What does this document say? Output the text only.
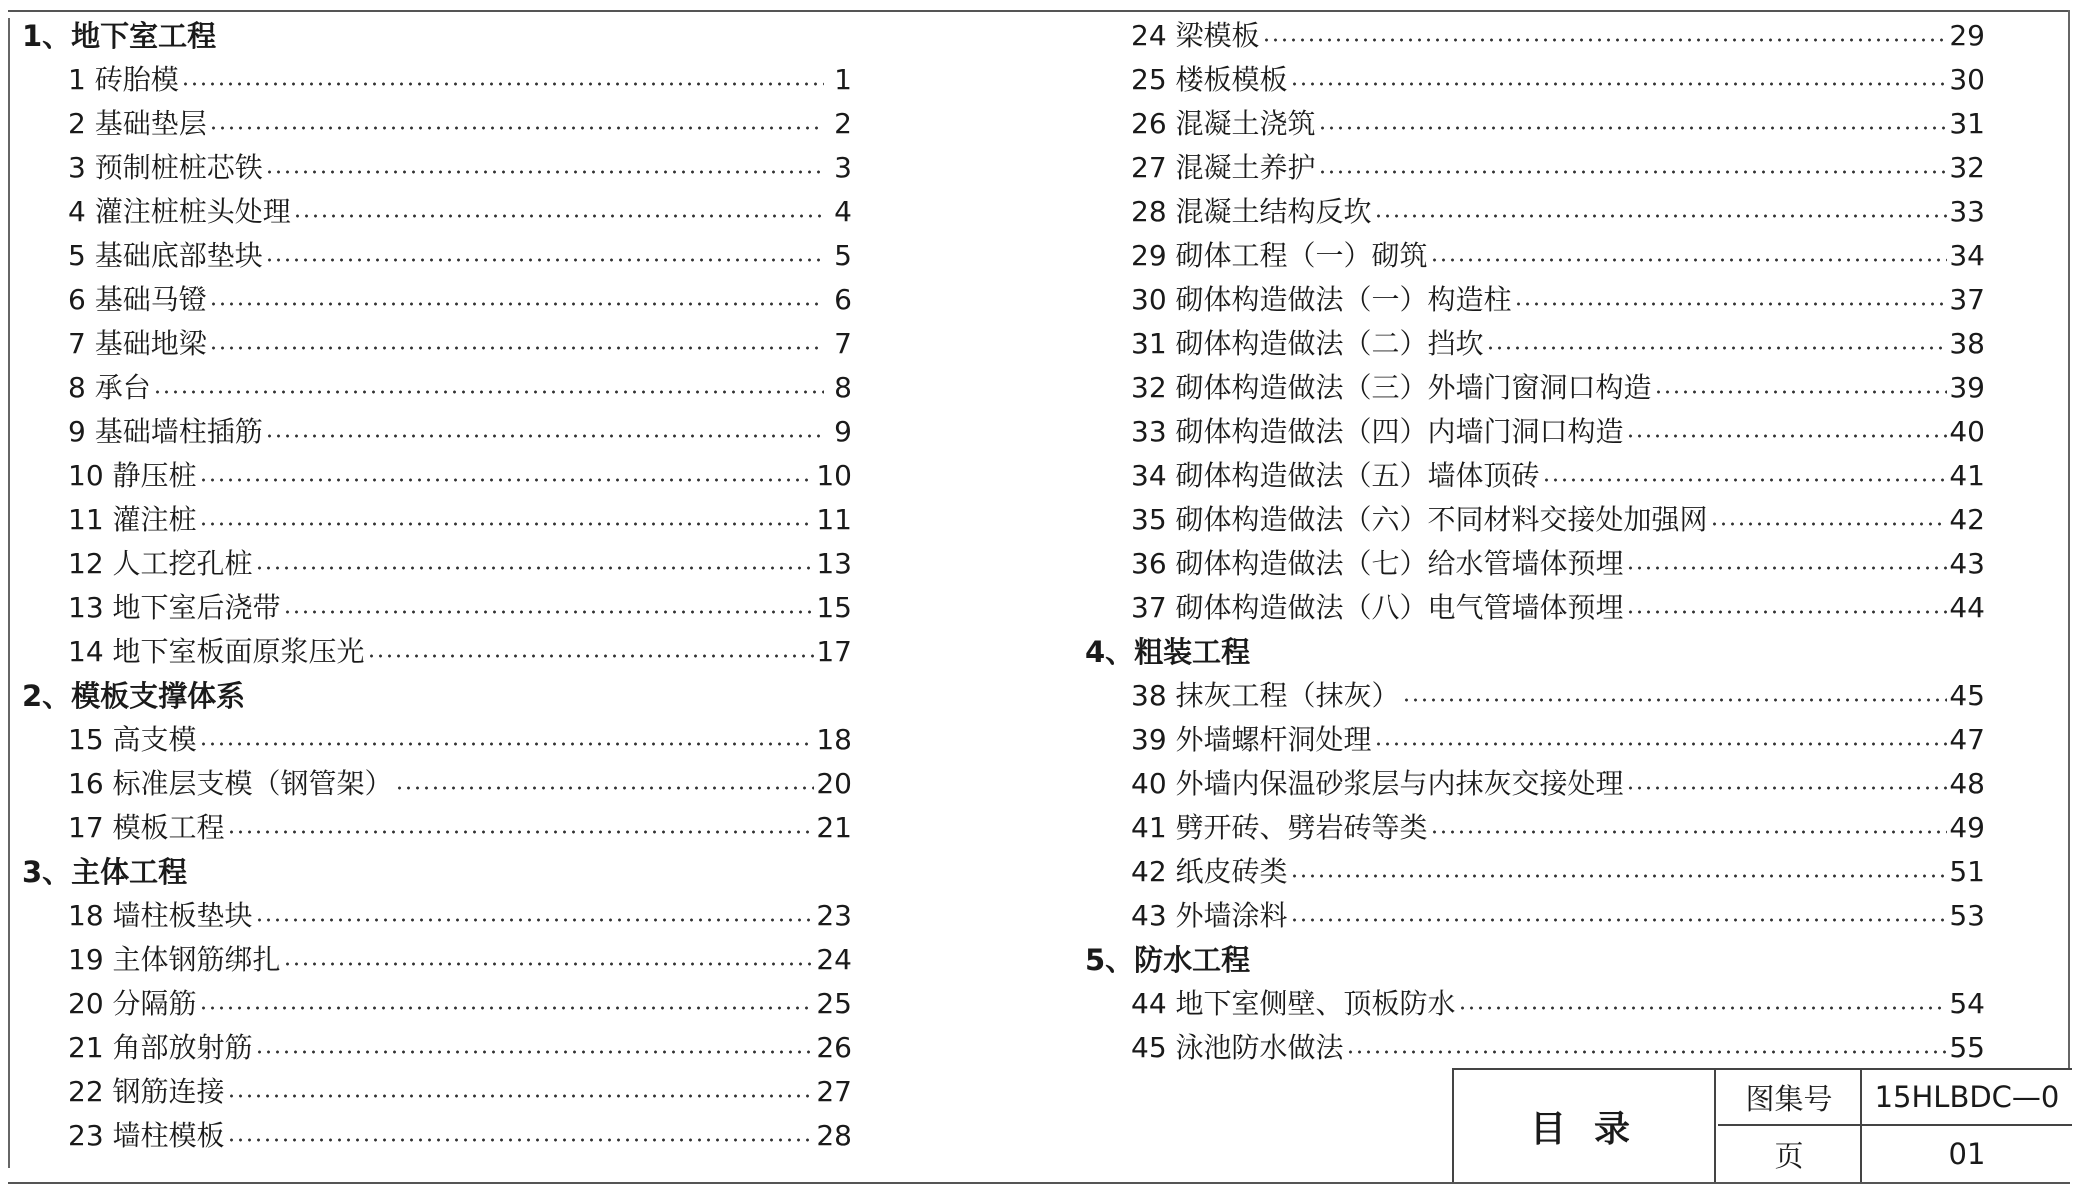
1、地下室工程
1 砖胎模	1
2 基础垫层	2
3 预制桩桩芯铁	3
4 灌注桩桩头处理	4
5 基础底部垫块	5
6 基础马镫	6
7 基础地梁	7
8 承台	8
9 基础墙柱插筋	9
10 静压桩	10
11 灌注桩	11
12 人工挖孔桩	13
13 地下室后浇带	15
14 地下室板面原浆压光	17
2、模板支撑体系
15 高支模	18
16 标准层支模（钢管架）	20
17 模板工程	21
3、主体工程
18 墙柱板垫块	23
19 主体钢筋绑扎	24
20 分隔筋	25
21 角部放射筋	26
22 钢筋连接	27
23 墙柱模板	28
24 梁模板	29
25 楼板模板	30
26 混凝土浇筑	31
27 混凝土养护	32
28 混凝土结构反坎	33
29 砌体工程（一）砌筑	34
30 砌体构造做法（一）构造柱	37
31 砌体构造做法（二）挡坎	38
32 砌体构造做法（三）外墙门窗洞口构造	39
33 砌体构造做法（四）内墙门洞口构造	40
34 砌体构造做法（五）墙体顶砖	41
35 砌体构造做法（六）不同材料交接处加强网	42
36 砌体构造做法（七）给水管墙体预埋	43
37 砌体构造做法（八）电气管墙体预埋	44
4、粗装工程
38 抹灰工程（抹灰）	45
39 外墙螺杆洞处理	47
40 外墙内保温砂浆层与内抹灰交接处理	48
41 劈开砖、劈岩砖等类	49
42 纸皮砖类	51
43 外墙涂料	53
5、防水工程
44 地下室侧壁、顶板防水	54
45 泳池防水做法	55
目录
图集号	15HLBDC—0
页	01
